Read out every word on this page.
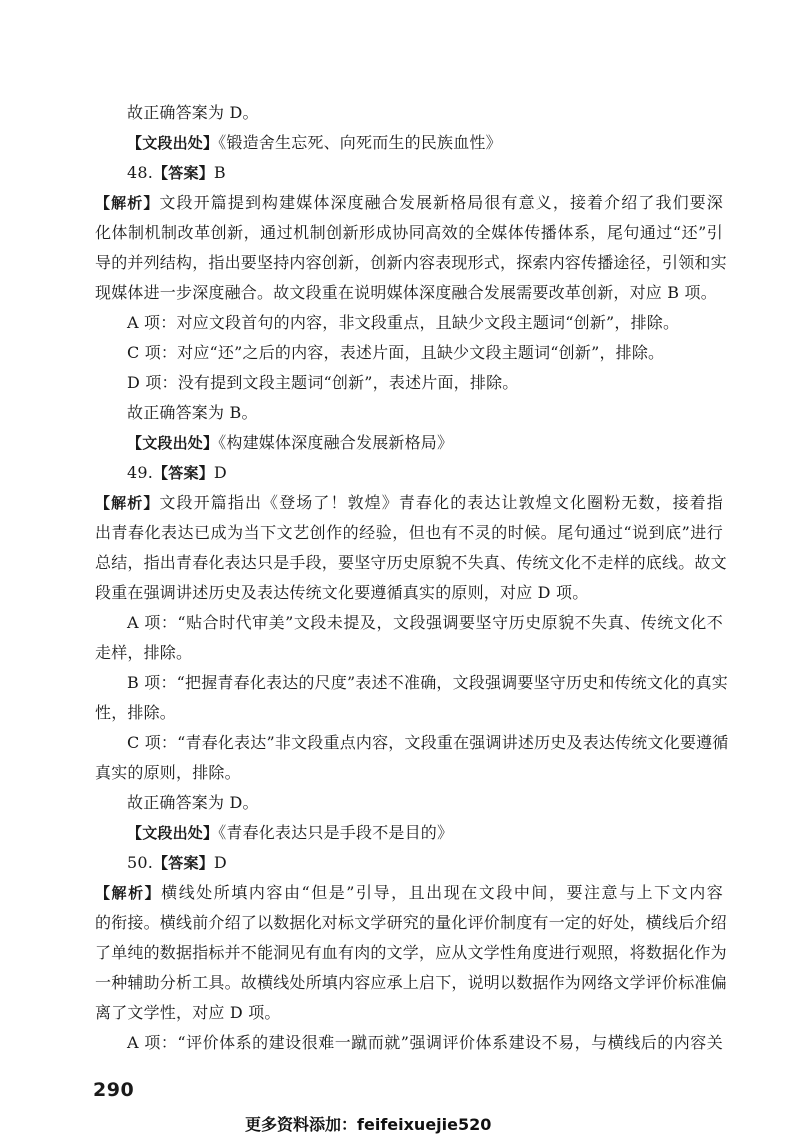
故正确答案为 D。
【文段出处】《锻造舍生忘死、向死而生的民族血性》
48.【答案】B
【解析】文段开篇提到构建媒体深度融合发展新格局很有意义，接着介绍了我们要深
化体制机制改革创新，通过机制创新形成协同高效的全媒体传播体系，尾句通过“还”引
导的并列结构，指出要坚持内容创新，创新内容表现形式，探索内容传播途径，引领和实
现媒体进一步深度融合。故文段重在说明媒体深度融合发展需要改革创新，对应 B 项。
A 项：对应文段首句的内容，非文段重点，且缺少文段主题词“创新”，排除。
C 项：对应“还”之后的内容，表述片面，且缺少文段主题词“创新”，排除。
D 项：没有提到文段主题词“创新”，表述片面，排除。
故正确答案为 B。
【文段出处】《构建媒体深度融合发展新格局》
49.【答案】D
【解析】文段开篇指出《登场了！敦煌》青春化的表达让敦煌文化圈粉无数，接着指
出青春化表达已成为当下文艺创作的经验，但也有不灵的时候。尾句通过“说到底”进行
总结，指出青春化表达只是手段，要坚守历史原貌不失真、传统文化不走样的底线。故文
段重在强调讲述历史及表达传统文化要遵循真实的原则，对应 D 项。
A 项：“贴合时代审美”文段未提及，文段强调要坚守历史原貌不失真、传统文化不
走样，排除。
B 项：“把握青春化表达的尺度”表述不准确，文段强调要坚守历史和传统文化的真实
性，排除。
C 项：“青春化表达”非文段重点内容，文段重在强调讲述历史及表达传统文化要遵循
真实的原则，排除。
故正确答案为 D。
【文段出处】《青春化表达只是手段不是目的》
50.【答案】D
【解析】横线处所填内容由“但是”引导，且出现在文段中间，要注意与上下文内容
的衔接。横线前介绍了以数据化对标文学研究的量化评价制度有一定的好处，横线后介绍
了单纯的数据指标并不能洞见有血有肉的文学，应从文学性角度进行观照，将数据化作为
一种辅助分析工具。故横线处所填内容应承上启下，说明以数据作为网络文学评价标准偏
离了文学性，对应 D 项。
A 项：“评价体系的建设很难一蹴而就”强调评价体系建设不易，与横线后的内容关
290
更多资料添加：feifeixuejie520
